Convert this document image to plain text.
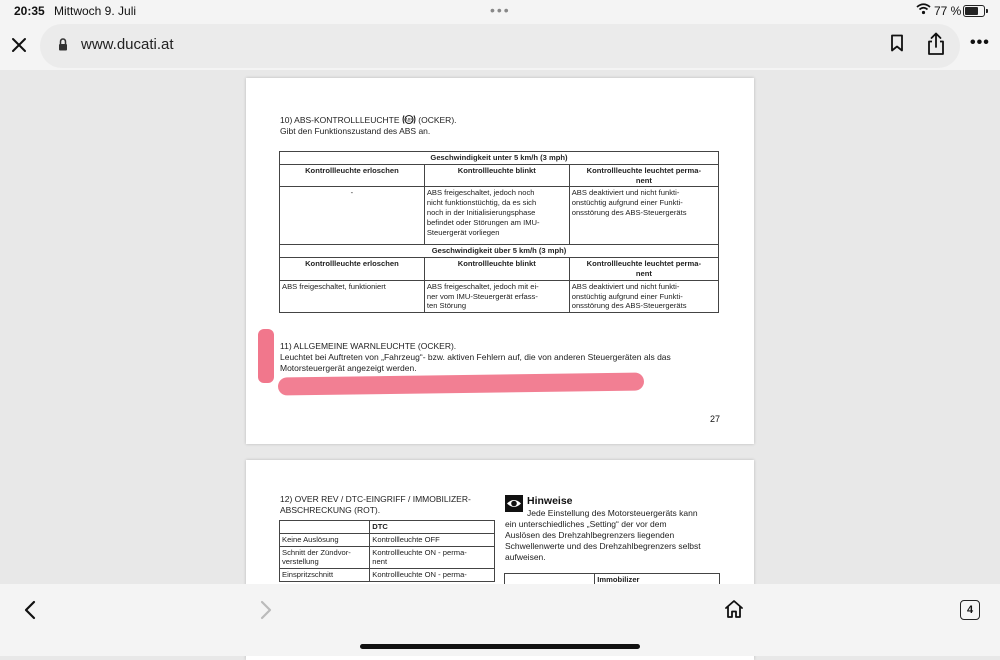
20:35 Mittwoch 9. Juli	•••	77 %
www.ducati.at	•••
10) ABS-KONTROLLLEUCHTE ABS (OCKER).
Gibt den Funktionszustand des ABS an.
Geschwindigkeit unter 5 km/h (3 mph)		
Kontrollleuchte erloschen	Kontrollleuchte blinkt	Kontrollleuchte leuchtet perma-
nent
-	ABS freigeschaltet, jedoch noch
nicht funktionstüchtig, da es sich
noch in der Initialisierungsphase
befindet oder Störungen am IMU-
Steuergerät vorliegen	ABS deaktiviert und nicht funkti-
onstüchtig aufgrund einer Funkti-
onsstörung des ABS-Steuergeräts
Geschwindigkeit über 5 km/h (3 mph)		
Kontrollleuchte erloschen	Kontrollleuchte blinkt	Kontrollleuchte leuchtet perma-
nent
ABS freigeschaltet, funktioniert	ABS freigeschaltet, jedoch mit ei-
ner vom IMU-Steuergerät erfass-
ten Störung	ABS deaktiviert und nicht funkti-
onstüchtig aufgrund einer Funkti-
onsstörung des ABS-Steuergeräts
11) ALLGEMEINE WARNLEUCHTE (OCKER).
Leuchtet bei Auftreten von „Fahrzeug“- bzw. aktiven Fehlern auf, die von anderen Steuergeräten als das
Motorsteuergerät angezeigt werden.
27
12) OVER REV / DTC-EINGRIFF / IMMOBILIZER-
ABSCHRECKUNG (ROT).
	DTC
Keine Auslösung	Kontrollleuchte OFF
Schnitt der Zündvor-
verstellung	Kontrollleuchte ON - perma-
nent
Einspritzschnitt	Kontrollleuchte ON - perma-
Hinweise
Jede Einstellung des Motorsteuergeräts kann
ein unterschiedliches „Setting“ der vor dem
Auslösen des Drehzahlbegrenzers liegenden
Schwellenwerte und des Drehzahlbegrenzers selbst
aufweisen.
	Immobilizer

4
